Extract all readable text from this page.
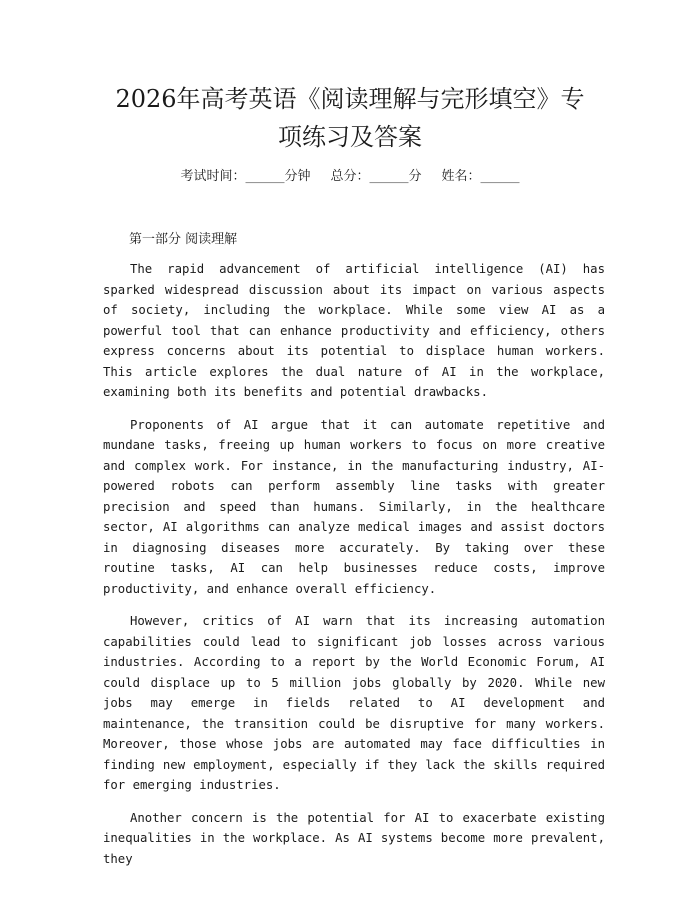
2026年高考英语《阅读理解与完形填空》专
项练习及答案
考试时间：______分钟 总分：______分 姓名：______
第一部分 阅读理解

The rapid advancement of artificial intelligence (AI) has sparked widespread discussion about its impact on various aspects of society, including the workplace. While some view AI as a powerful tool that can enhance productivity and efficiency, others express concerns about its potential to displace human workers. This article explores the dual nature of AI in the workplace, examining both its benefits and potential drawbacks.

Proponents of AI argue that it can automate repetitive and mundane tasks, freeing up human workers to focus on more creative and complex work. For instance, in the manufacturing industry, AI-powered robots can perform assembly line tasks with greater precision and speed than humans. Similarly, in the healthcare sector, AI algorithms can analyze medical images and assist doctors in diagnosing diseases more accurately. By taking over these routine tasks, AI can help businesses reduce costs, improve productivity, and enhance overall efficiency.

However, critics of AI warn that its increasing automation capabilities could lead to significant job losses across various industries. According to a report by the World Economic Forum, AI could displace up to 5 million jobs globally by 2020. While new jobs may emerge in fields related to AI development and maintenance, the transition could be disruptive for many workers. Moreover, those whose jobs are automated may face difficulties in finding new employment, especially if they lack the skills required for emerging industries.

Another concern is the potential for AI to exacerbate existing inequalities in the workplace. As AI systems become more prevalent, they
